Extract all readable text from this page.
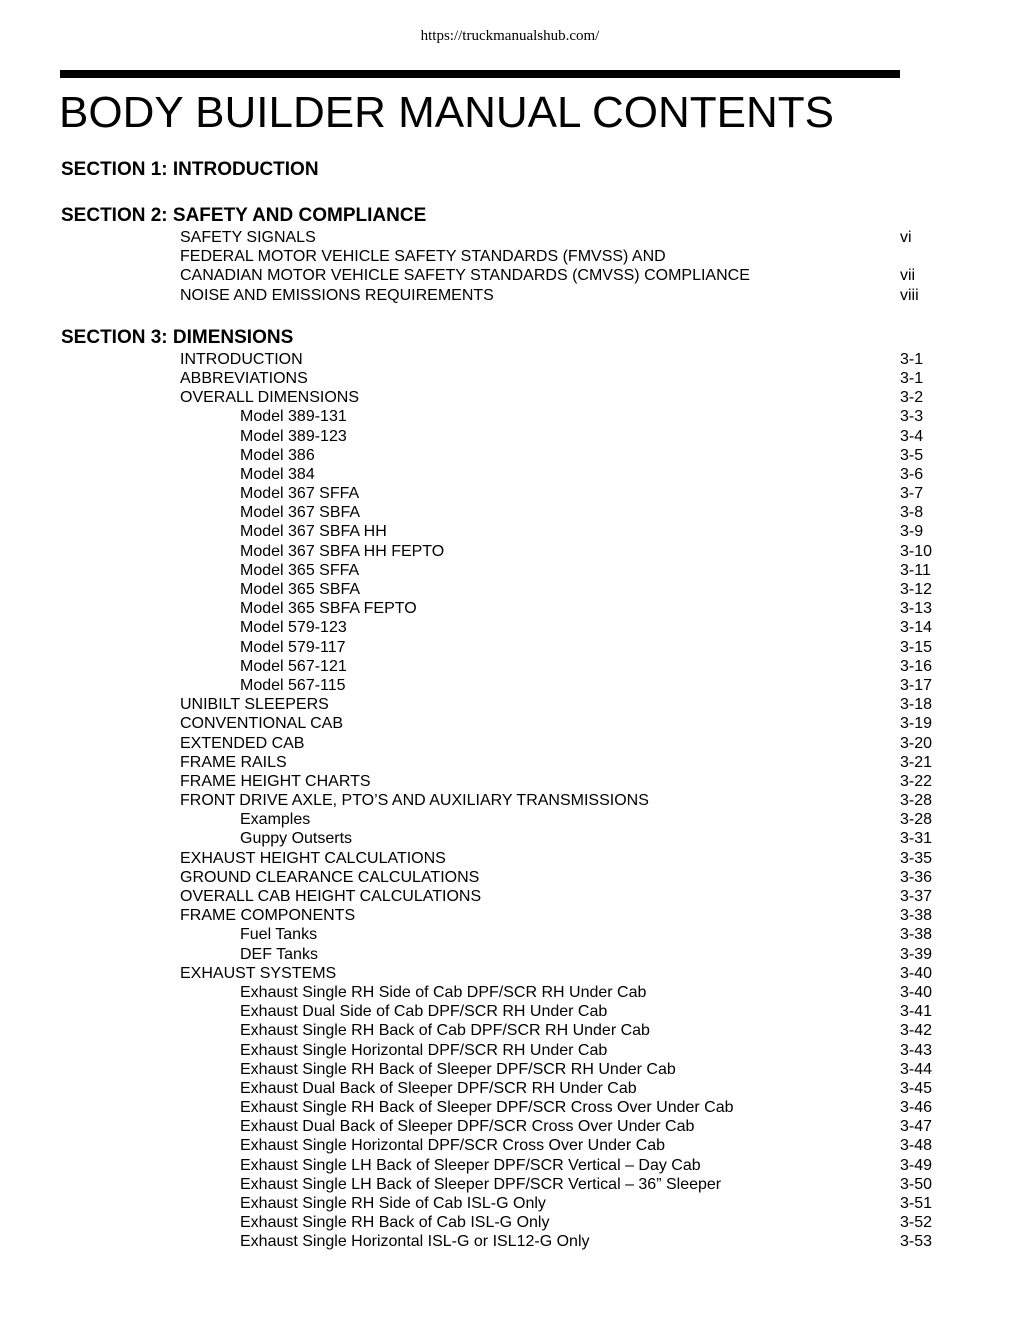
https://truckmanualshub.com/
BODY BUILDER MANUAL CONTENTS
SECTION 1: INTRODUCTION
SECTION 2: SAFETY AND COMPLIANCE
SAFETY SIGNALS	vi
FEDERAL MOTOR VEHICLE SAFETY STANDARDS (FMVSS) AND
CANADIAN MOTOR VEHICLE SAFETY STANDARDS (CMVSS) COMPLIANCE	vii
NOISE AND EMISSIONS REQUIREMENTS	viii
SECTION 3: DIMENSIONS
INTRODUCTION	3-1
ABBREVIATIONS	3-1
OVERALL DIMENSIONS	3-2
Model 389-131	3-3
Model 389-123	3-4
Model 386	3-5
Model 384	3-6
Model 367 SFFA	3-7
Model 367 SBFA	3-8
Model 367 SBFA HH	3-9
Model 367 SBFA HH FEPTO	3-10
Model 365 SFFA	3-11
Model 365 SBFA	3-12
Model 365 SBFA FEPTO	3-13
Model 579-123	3-14
Model 579-117	3-15
Model 567-121	3-16
Model 567-115	3-17
UNIBILT SLEEPERS	3-18
CONVENTIONAL CAB	3-19
EXTENDED CAB	3-20
FRAME RAILS	3-21
FRAME HEIGHT CHARTS	3-22
FRONT DRIVE AXLE, PTO’S AND AUXILIARY TRANSMISSIONS	3-28
Examples	3-28
Guppy Outserts	3-31
EXHAUST HEIGHT CALCULATIONS	3-35
GROUND CLEARANCE CALCULATIONS	3-36
OVERALL CAB HEIGHT CALCULATIONS	3-37
FRAME COMPONENTS	3-38
Fuel Tanks	3-38
DEF Tanks	3-39
EXHAUST SYSTEMS	3-40
Exhaust Single RH Side of Cab DPF/SCR RH Under Cab	3-40
Exhaust Dual Side of Cab DPF/SCR RH Under Cab	3-41
Exhaust Single RH Back of Cab DPF/SCR RH Under Cab	3-42
Exhaust Single Horizontal DPF/SCR RH Under Cab	3-43
Exhaust Single RH Back of Sleeper DPF/SCR RH Under Cab	3-44
Exhaust Dual Back of Sleeper DPF/SCR RH Under Cab	3-45
Exhaust Single RH Back of Sleeper DPF/SCR Cross Over Under Cab	3-46
Exhaust Dual Back of Sleeper DPF/SCR Cross Over Under Cab	3-47
Exhaust Single Horizontal DPF/SCR Cross Over Under Cab	3-48
Exhaust Single LH Back of Sleeper DPF/SCR Vertical – Day Cab	3-49
Exhaust Single LH Back of Sleeper DPF/SCR Vertical – 36” Sleeper	3-50
Exhaust Single RH Side of Cab ISL-G Only	3-51
Exhaust Single RH Back of Cab ISL-G Only	3-52
Exhaust Single Horizontal ISL-G or ISL12-G Only	3-53
